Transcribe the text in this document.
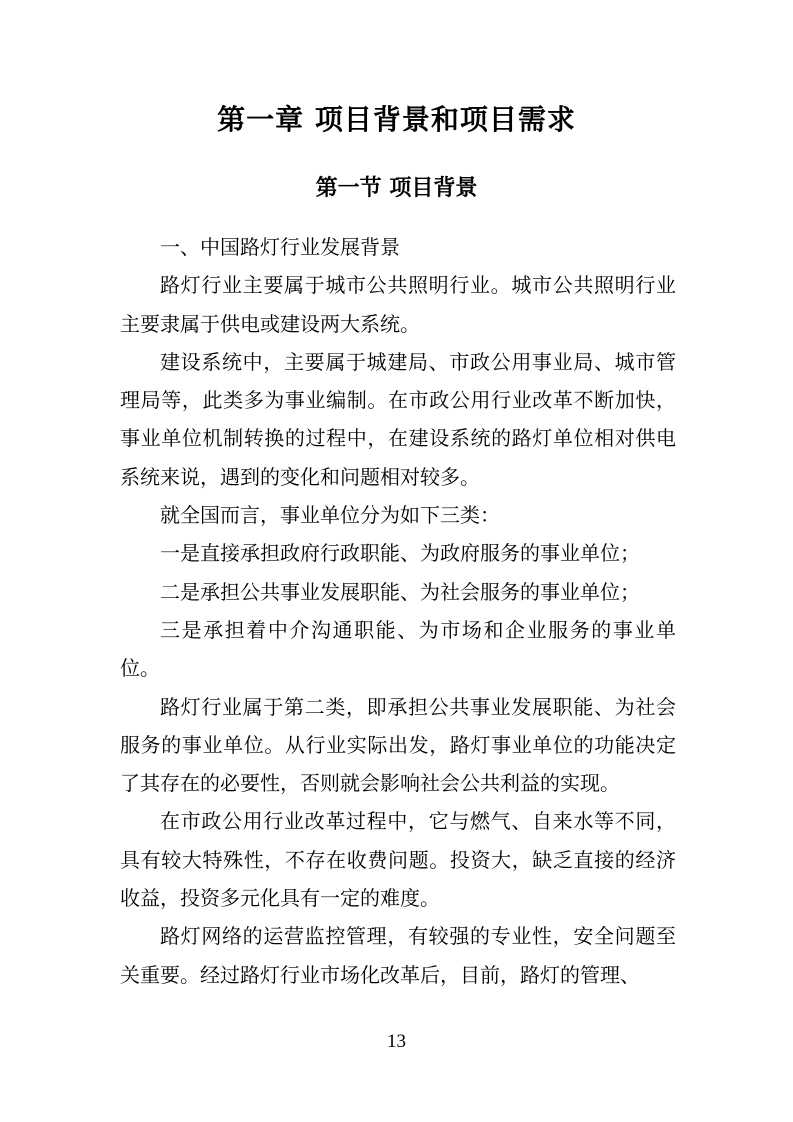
第一章 项目背景和项目需求
第一节 项目背景

一、中国路灯行业发展背景

路灯行业主要属于城市公共照明行业。城市公共照明行业主要隶属于供电或建设两大系统。

建设系统中，主要属于城建局、市政公用事业局、城市管理局等，此类多为事业编制。在市政公用行业改革不断加快，事业单位机制转换的过程中，在建设系统的路灯单位相对供电系统来说，遇到的变化和问题相对较多。

就全国而言，事业单位分为如下三类：

一是直接承担政府行政职能、为政府服务的事业单位；

二是承担公共事业发展职能、为社会服务的事业单位；

三是承担着中介沟通职能、为市场和企业服务的事业单位。

路灯行业属于第二类，即承担公共事业发展职能、为社会服务的事业单位。从行业实际出发，路灯事业单位的功能决定了其存在的必要性，否则就会影响社会公共利益的实现。

在市政公用行业改革过程中，它与燃气、自来水等不同，具有较大特殊性，不存在收费问题。投资大，缺乏直接的经济收益，投资多元化具有一定的难度。

路灯网络的运营监控管理，有较强的专业性，安全问题至关重要。经过路灯行业市场化改革后，目前，路灯的管理、

13
